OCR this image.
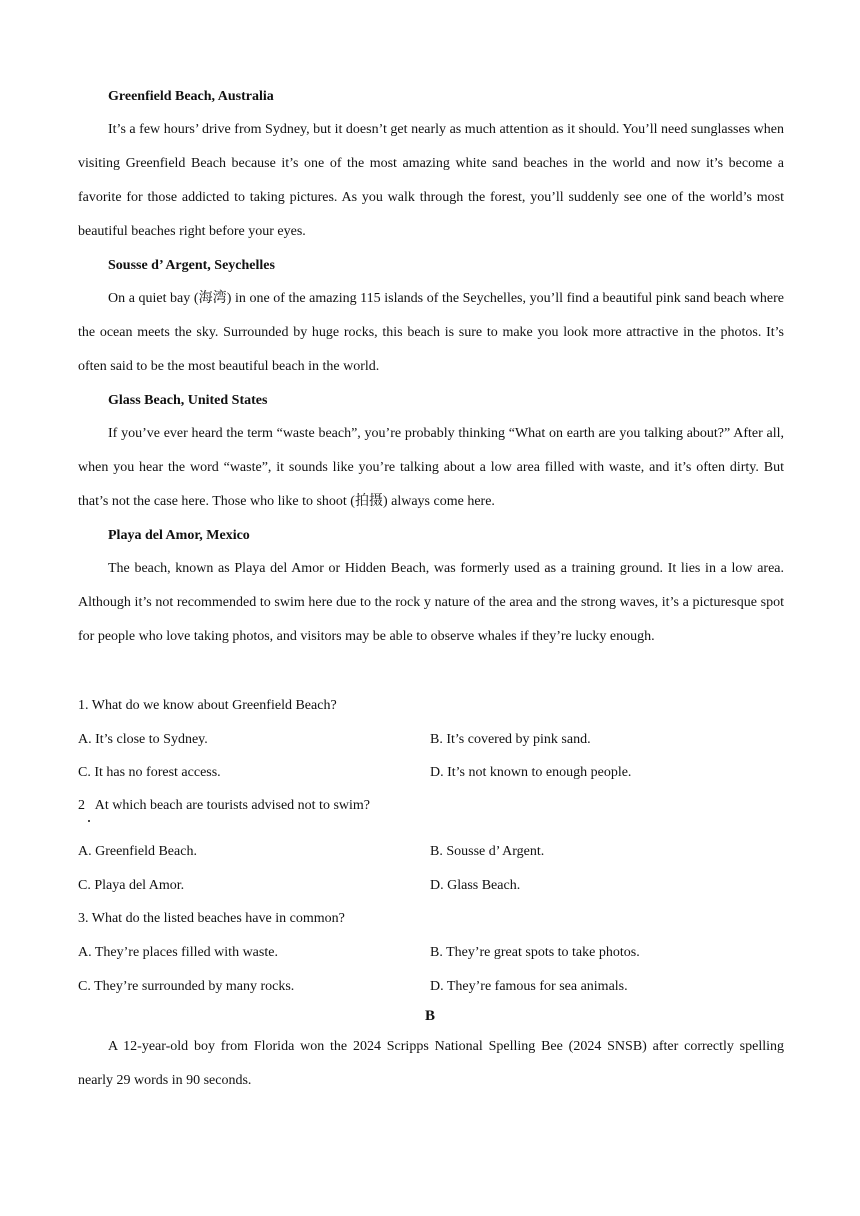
Greenfield Beach, Australia
It’s a few hours’ drive from Sydney, but it doesn’t get nearly as much attention as it should. You’ll need sunglasses when visiting Greenfield Beach because it’s one of the most amazing white sand beaches in the world and now it’s become a favorite for those addicted to taking pictures. As you walk through the forest, you’ll suddenly see one of the world’s most beautiful beaches right before your eyes.
Sousse d’ Argent, Seychelles
On a quiet bay (海湾) in one of the amazing 115 islands of the Seychelles, you’ll find a beautiful pink sand beach where the ocean meets the sky. Surrounded by huge rocks, this beach is sure to make you look more attractive in the photos. It’s often said to be the most beautiful beach in the world.
Glass Beach, United States
If you’ve ever heard the term “waste beach”, you’re probably thinking “What on earth are you talking about?” After all, when you hear the word “waste”, it sounds like you’re talking about a low area filled with waste, and it’s often dirty. But that’s not the case here. Those who like to shoot (拍摄) always come here.
Playa del Amor, Mexico
The beach, known as Playa del Amor or Hidden Beach, was formerly used as a training ground. It lies in a low area. Although it’s not recommended to swim here due to the rock y nature of the area and the strong waves, it’s a picturesque spot for people who love taking photos, and visitors may be able to observe whales if they’re lucky enough.
1. What do we know about Greenfield Beach?
A. It’s close to Sydney.	B. It’s covered by pink sand.
C. It has no forest access.	D. It’s not known to enough people.
2   At which beach are tourists advised not to swim?
A. Greenfield Beach.	B. Sousse d’ Argent.
C. Playa del Amor.	D. Glass Beach.
3. What do the listed beaches have in common?
A. They’re places filled with waste.	B. They’re great spots to take photos.
C. They’re surrounded by many rocks.	D. They’re famous for sea animals.
B
A 12-year-old boy from Florida won the 2024 Scripps National Spelling Bee (2024 SNSB) after correctly spelling nearly 29 words in 90 seconds.
